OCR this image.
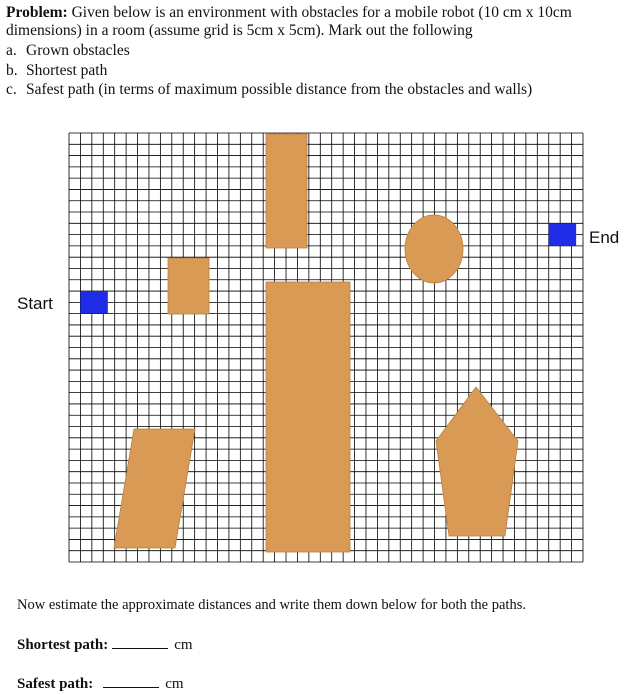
Problem: Given below is an environment with obstacles for a mobile robot (10 cm x 10cm
dimensions) in a room (assume grid is 5cm x 5cm). Mark out the following
a. Grown obstacles
b. Shortest path
c. Safest path (in terms of maximum possible distance from the obstacles and walls)
Start
End
Now estimate the approximate distances and write them down below for both the paths.
Shortest path:	cm
Safest path:	cm
